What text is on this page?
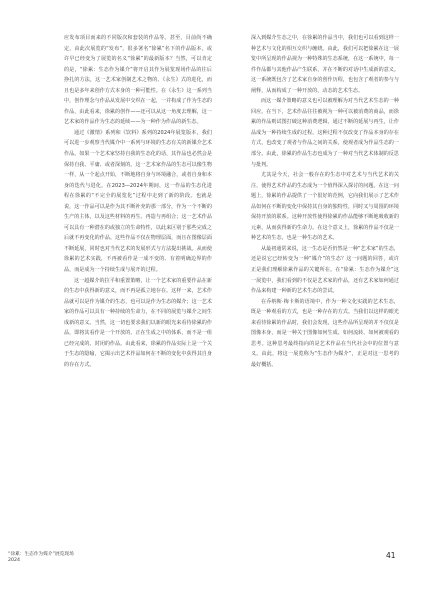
应发布项目而来的不同版次和套装的作品等。甚至，目前尚不确定，由此次展览的“发布”，很多署名“徐累”名下的作品版本，或许早已经变为了展览的名义“徐累”的最新版本？当然，可以肯定的是，“徐累：生态作为媒介”将开启其作为展览现场作品的往后挣扎的方法，这一艺术家创制艺术之物的、《永生》式的进化，而且也是多年来创作方式本身的一种可能性。在《永生》这一系列当中，创作理念与作品从发展中交织在一起，一并构成了作为生态的作品，由此看来，徐累的创作——还可以从这一角度去理解，这一艺术家的作品作为生态的延续——为一种作为作品的新生态。

通过《激情》系列和《饮料》系列的2024年展览版本，我们可以进一步观察当代媒介中一系列与环境的生态有关的新媒介艺术作品。如果一个艺术家坚持自我的生态化的话，其作品也必然会是保持自我、平庸、或者深刻的。这一艺术家作品的生态可以像生物一样，从一个起点开始，不断地将自身与环境融合，或者自身和本身的迭代与进化。在2023—2024年期间，这一作品的生态化进程在徐累的“不完全的展览化”过程中走到了新的阶段。也就是说，这一作品可以是作为其不断补充的那一部分，作为一个不断的生产的主体，以及这些材料的再生、再造与再组合；这一艺术作品可以具有一种潜在的或独立的生命特性，以此来区别于那些完成之后就不再变化的作品。这些作品不仅在物理层面，而且在图像层面不断延展，同时也对当代艺术的发展形式与方法提出挑战。从而使徐累的艺术实践，不再被看作是一成不变的、有着明确边界的作品，而是成为一个持续生成与展开的过程。

这一超媒介的拉平和重置策略，让一个艺术家的重要作品在新的生态中获得新的意义，而不再是孤立地存在。这样一来，艺术作品就可以是作为媒介的生态，也可以是作为生态的媒介；这一艺术家的作品可以具有一种持续的生命力，在不同的展览与媒介之间生成新的意义。当然，这一切也要求我们以新的眼光来看待徐累的作品，即将其看作是一个开放的、正在生成之中的体系，而不是一组已经完成的、封闭的作品。由此看来，徐累的作品实际上是一个关于生态的隐喻，它揭示出艺术作品如何在不断的变化中获得其自身的存在方式。

深入到媒介生态之中，在徐累的作品当中，我们也可以看到这样一种艺术与文化的相互交织与缠绕。由此，我们可以把徐累在这一展览中所呈现的作品视为一种特殊的生态系统，在这一系统中，每一件作品都与其他作品产生联系，并在不断的对话中生成新的意义。这一系统既包含了艺术家自身的创作历程，也包含了观者的参与与阐释，从而构成了一种开放的、动态的艺术生态。

而这一媒介策略的意义也可以被理解为对当代艺术生态的一种回应。在当下，艺术作品往往被视为一种可以被消费的商品，而徐累的作品则试图打破这种消费逻辑，通过不断的延展与再生，让作品成为一种持续生成的过程。这种过程不仅改变了作品本身的存在方式，也改变了观者与作品之间的关系，使观者成为作品生态的一部分。由此，徐累的作品生态也成为了一种对当代艺术体制的反思与批判。

尤其是今天，社会一般存在的生态中对艺术与当代艺术的关注，使得艺术作品的生态成为一个值得深入探讨的问题。在这一问题上，徐累的作品提供了一个很好的范例，它向我们展示了艺术作品如何在不断的变化中保持其自身的独特性，同时又与周围的环境保持开放的联系。这种开放性使得徐累的作品能够不断地吸收新的元素，从而获得新的生命力。在这个意义上，徐累的作品不仅是一种艺术的生态，也是一种生态的艺术。

从最初通常来说，这一生态是否仍然是一种“艺术家”的生态，还是说它已经转变为一种“媒介”的生态？这一问题的回答，或许正是我们理解徐累作品的关键所在。在“徐累：生态作为媒介”这一展览中，我们看到的不仅是艺术家的作品，还有艺术家如何通过作品来构建一种新的艺术生态的尝试。

在乔纳斯·梅卡斯的语境中，作为一种文化实践的艺术生态，既是一种观看的方式，也是一种存在的方式。当我们以这样的眼光来看待徐累的作品时，我们会发现，这些作品所呈现的并不仅仅是图像本身，而是一种关于图像如何生成、如何流转、如何被观看的思考。这种思考最终指向的是艺术作品在当代社会中的位置与意义。由此，将这一展览称为“生态作为媒介”，正是对这一思考的最好概括。

“徐累：生态作为媒介”展览现场
2024
41
